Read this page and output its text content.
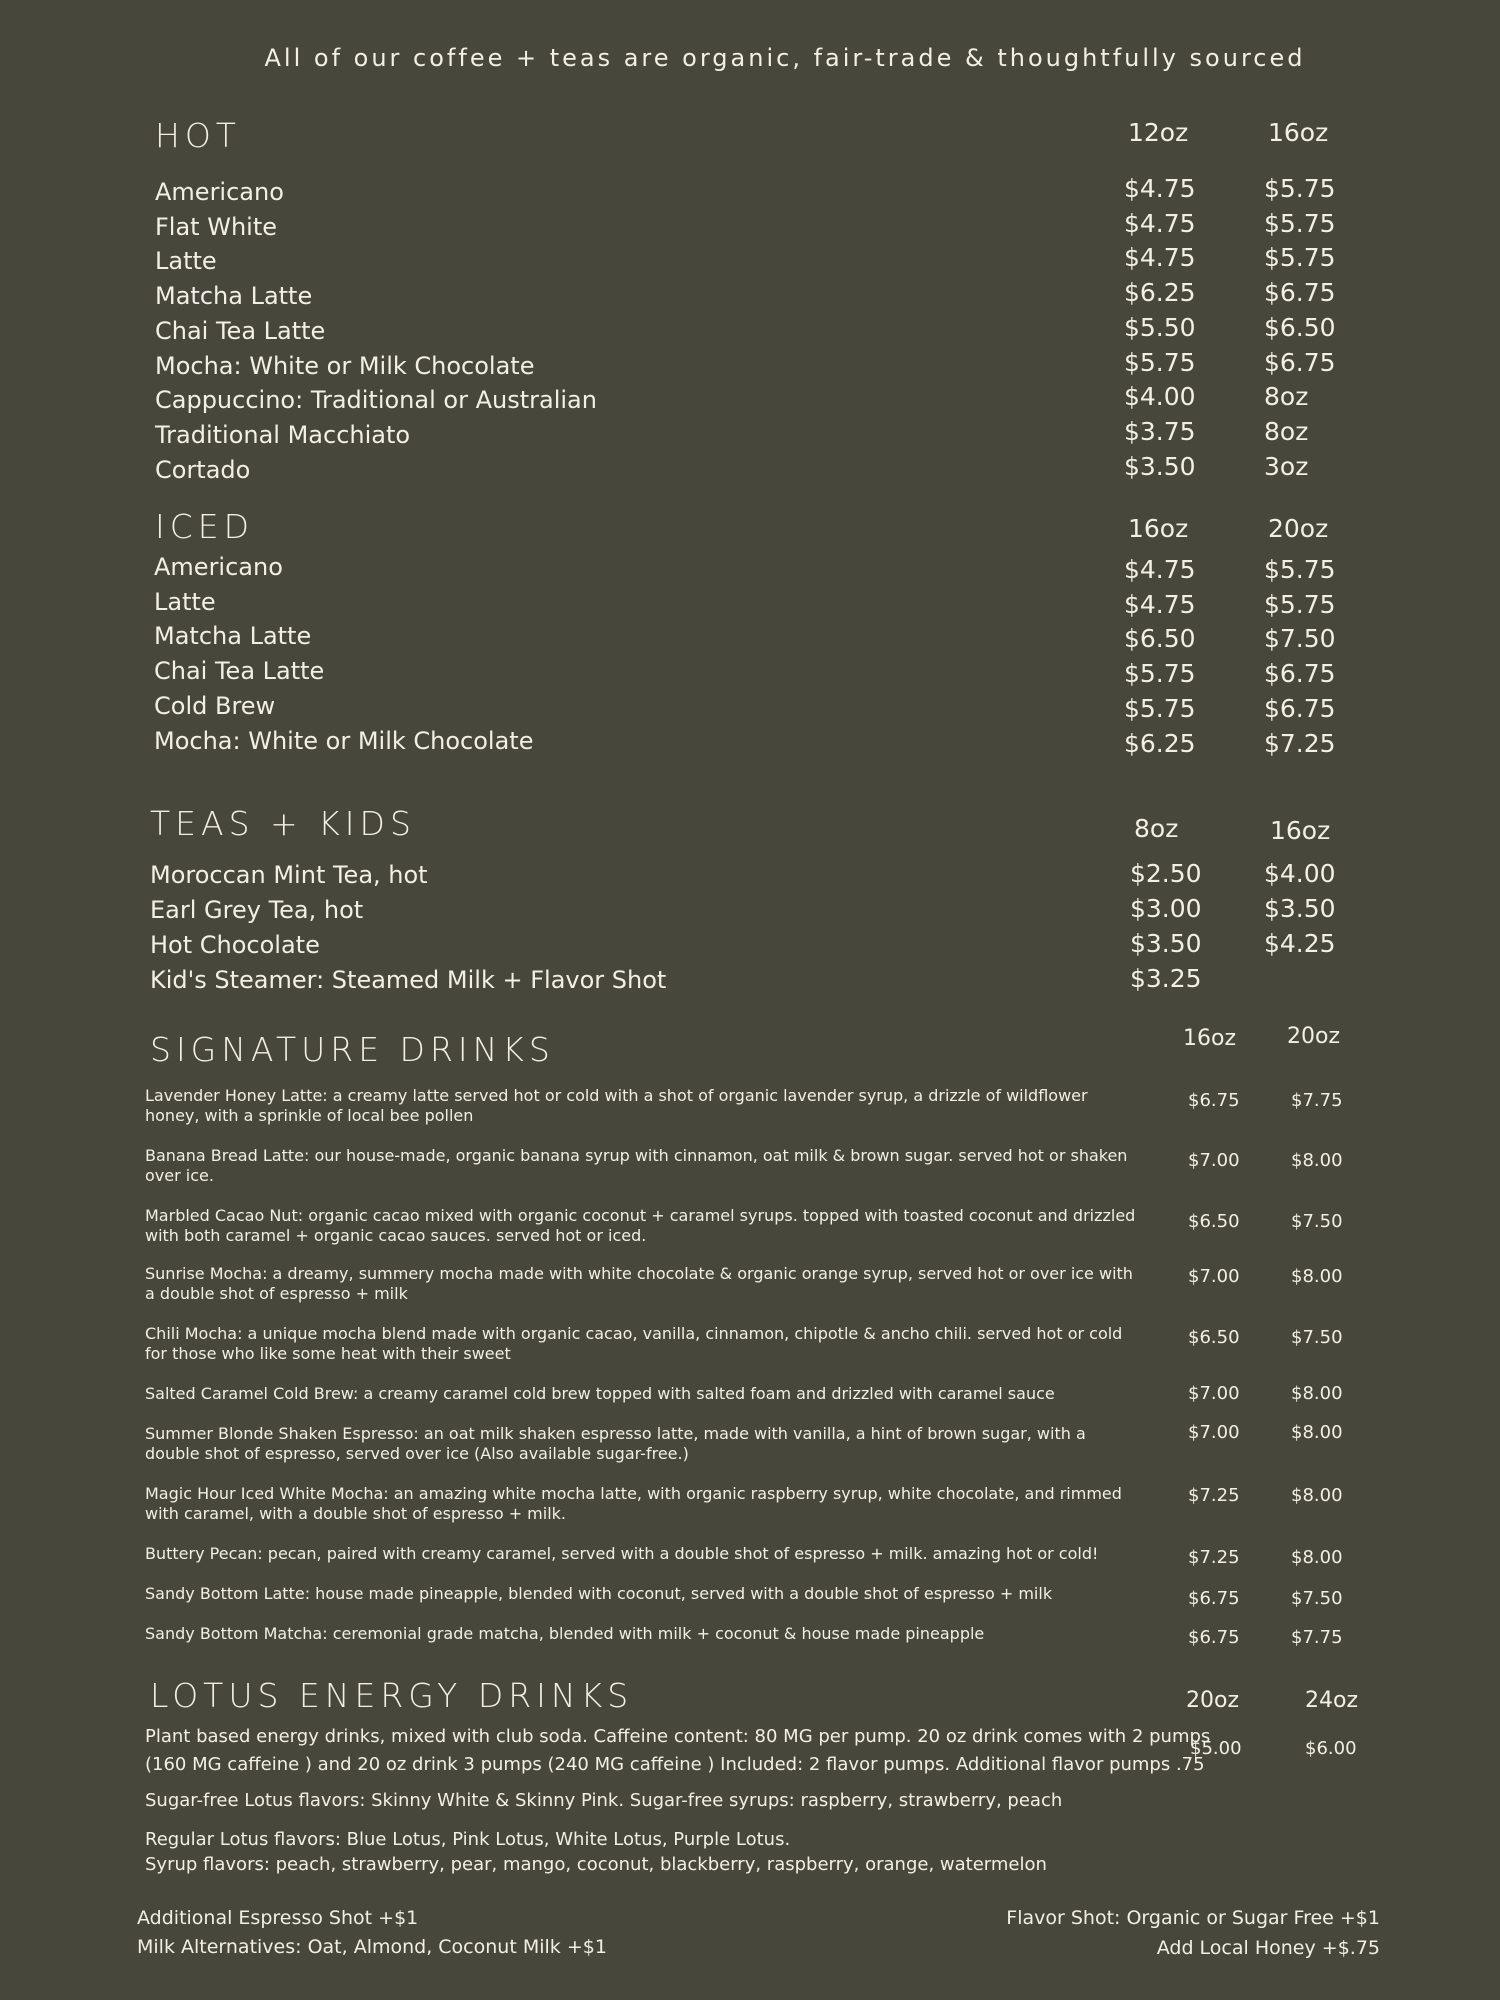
All of our coffee + teas are organic, fair-trade & thoughtfully sourced
HOT	12oz	16oz
Americano	$4.75	$5.75
Flat White	$4.75	$5.75
Latte	$4.75	$5.75
Matcha Latte	$6.25	$6.75
Chai Tea Latte	$5.50	$6.50
Mocha: White or Milk Chocolate	$5.75	$6.75
Cappuccino: Traditional or Australian	$4.00	8oz
Traditional Macchiato	$3.75	8oz
Cortado	$3.50	3oz
ICED	16oz	20oz
Americano	$4.75	$5.75
Latte	$4.75	$5.75
Matcha Latte	$6.50	$7.50
Chai Tea Latte	$5.75	$6.75
Cold Brew	$5.75	$6.75
Mocha: White or Milk Chocolate	$6.25	$7.25
TEAS + KIDS	8oz	16oz
Moroccan Mint Tea, hot	$2.50 $4.00
Earl Grey Tea, hot	$3.00 $3.50
Hot Chocolate	$3.50 $4.25
Kid's Steamer: Steamed Milk + Flavor Shot	$3.25
SIGNATURE DRINKS	16oz 20oz
Lavender Honey Latte: a creamy latte served hot or cold with a shot of organic lavender syrup, a drizzle of wildflower honey, with a sprinkle of local bee pollen
$6.75	$7.75
Banana Bread Latte: our house-made, organic banana syrup with cinnamon, oat milk & brown sugar. served hot or shaken over ice.
$7.00	$8.00
Marbled Cacao Nut: organic cacao mixed with organic coconut + caramel syrups. topped with toasted coconut and drizzled with both caramel + organic cacao sauces. served hot or iced.
$6.50	$7.50
Sunrise Mocha: a dreamy, summery mocha made with white chocolate & organic orange syrup, served hot or over ice with a double shot of espresso + milk
$7.00	$8.00
Chili Mocha: a unique mocha blend made with organic cacao, vanilla, cinnamon, chipotle & ancho chili. served hot or cold for those who like some heat with their sweet
$6.50	$7.50
Salted Caramel Cold Brew: a creamy caramel cold brew topped with salted foam and drizzled with caramel sauce	$7.00	$8.00
Summer Blonde Shaken Espresso: an oat milk shaken espresso latte, made with vanilla, a hint of brown sugar, with a double shot of espresso, served over ice (Also available sugar-free.)
$7.00	$8.00
Magic Hour Iced White Mocha: an amazing white mocha latte, with organic raspberry syrup, white chocolate, and rimmed with caramel, with a double shot of espresso + milk.
$7.25	$8.00
Buttery Pecan: pecan, paired with creamy caramel, served with a double shot of espresso + milk. amazing hot or cold!	$7.25	$8.00
Sandy Bottom Latte: house made pineapple, blended with coconut, served with a double shot of espresso + milk	$6.75	$7.50
Sandy Bottom Matcha: ceremonial grade matcha, blended with milk + coconut & house made pineapple	$6.75	$7.75
LOTUS ENERGY DRINKS	20oz	24oz
Plant based energy drinks, mixed with club soda. Caffeine content: 80 MG per pump. 20 oz drink comes with 2 pumps (160 MG caffeine ) and 20 oz drink 3 pumps (240 MG caffeine ) Included: 2 flavor pumps. Additional flavor pumps .75
$5.00	$6.00
Sugar-free Lotus flavors: Skinny White & Skinny Pink. Sugar-free syrups: raspberry, strawberry, peach
Regular Lotus flavors: Blue Lotus, Pink Lotus, White Lotus, Purple Lotus.
Syrup flavors: peach, strawberry, pear, mango, coconut, blackberry, raspberry, orange, watermelon
Additional Espresso Shot +$1
Milk Alternatives: Oat, Almond, Coconut Milk +$1
Flavor Shot: Organic or Sugar Free +$1
Add Local Honey +$.75
